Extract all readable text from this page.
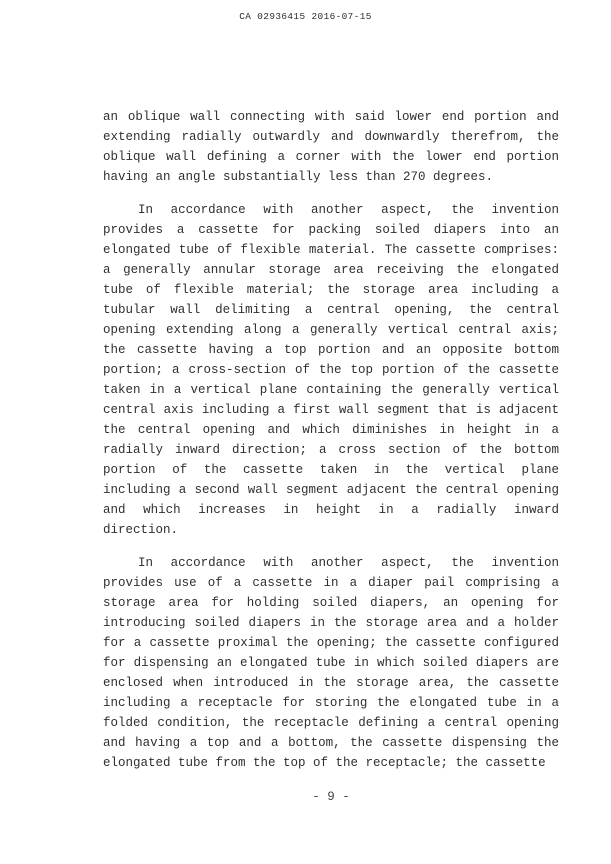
CA 02936415 2016-07-15
an oblique wall connecting with said lower end portion and
extending radially outwardly and downwardly therefrom, the
oblique wall defining a corner with the lower end portion
having an angle substantially less than 270 degrees.
In accordance with another aspect, the invention
provides a cassette for packing soiled diapers into an
elongated tube of flexible material. The cassette comprises:
a generally annular storage area receiving the elongated
tube of flexible material; the storage area including a
tubular wall delimiting a central opening, the central
opening extending along a generally vertical central axis;
the cassette having a top portion and an opposite bottom
portion; a cross-section of the top portion of the cassette
taken in a vertical plane containing the generally vertical
central axis including a first wall segment that is adjacent
the central opening and which diminishes in height in a
radially inward direction; a cross section of the bottom
portion of the cassette taken in the vertical plane
including a second wall segment adjacent the central opening
and which increases in height in a radially inward
direction.
In accordance with another aspect, the invention
provides use of a cassette in a diaper pail comprising a
storage area for holding soiled diapers, an opening for
introducing soiled diapers in the storage area and a holder
for a cassette proximal the opening; the cassette configured
for dispensing an elongated tube in which soiled diapers are
enclosed when introduced in the storage area, the cassette
including a receptacle for storing the elongated tube in a
folded condition, the receptacle defining a central opening
and having a top and a bottom, the cassette dispensing the
elongated tube from the top of the receptacle; the cassette
- 9 -
